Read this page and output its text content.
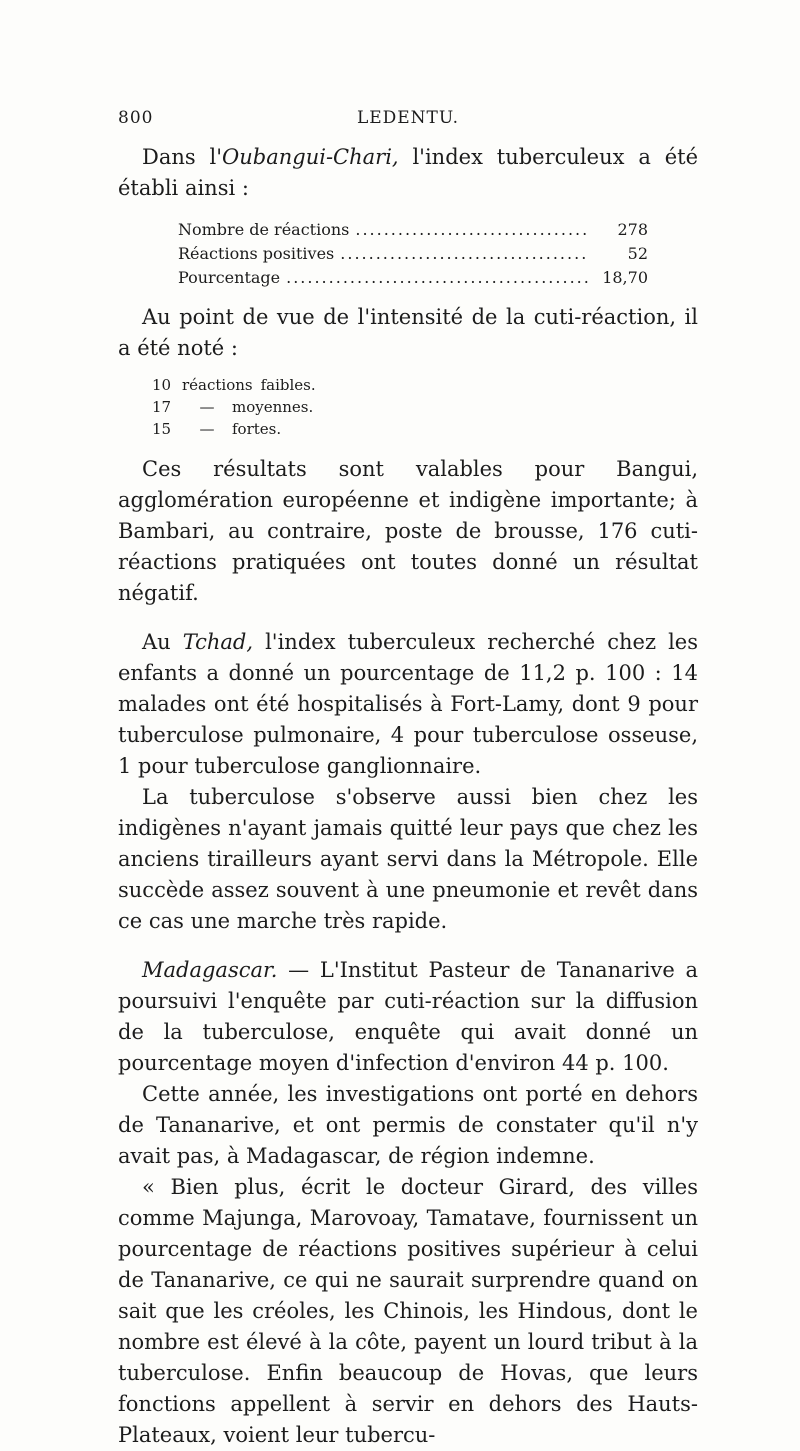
800	LEDENTU.

Dans l'Oubangui-Chari, l'index tuberculeux a été établi ainsi :

Nombre de réactions .....	278
Réactions positives .....	52
Pourcentage .....	18,70

Au point de vue de l'intensité de la cuti-réaction, il a été noté :

10 réactions faibles.
17	—	moyennes.
15	—	fortes.

Ces résultats sont valables pour Bangui, agglomération européenne et indigène importante; à Bambari, au contraire, poste de brousse, 176 cuti-réactions pratiquées ont toutes donné un résultat négatif.

Au Tchad, l'index tuberculeux recherché chez les enfants a donné un pourcentage de 11,2 p. 100 : 14 malades ont été hospitalisés à Fort-Lamy, dont 9 pour tuberculose pulmonaire, 4 pour tuberculose osseuse, 1 pour tuberculose ganglionnaire.

La tuberculose s'observe aussi bien chez les indigènes n'ayant jamais quitté leur pays que chez les anciens tirailleurs ayant servi dans la Métropole. Elle succède assez souvent à une pneumonie et revêt dans ce cas une marche très rapide.

Madagascar. — L'Institut Pasteur de Tananarive a poursuivi l'enquête par cuti-réaction sur la diffusion de la tuberculose, enquête qui avait donné un pourcentage moyen d'infection d'environ 44 p. 100.

Cette année, les investigations ont porté en dehors de Tananarive, et ont permis de constater qu'il n'y avait pas, à Madagascar, de région indemne.

« Bien plus, écrit le docteur Girard, des villes comme Majunga, Marovoay, Tamatave, fournissent un pourcentage de réactions positives supérieur à celui de Tananarive, ce qui ne saurait surprendre quand on sait que les créoles, les Chinois, les Hindous, dont le nombre est élevé à la côte, payent un lourd tribut à la tuberculose. Enfin beaucoup de Hovas, que leurs fonctions appellent à servir en dehors des Hauts-Plateaux, voient leur tubercu-
